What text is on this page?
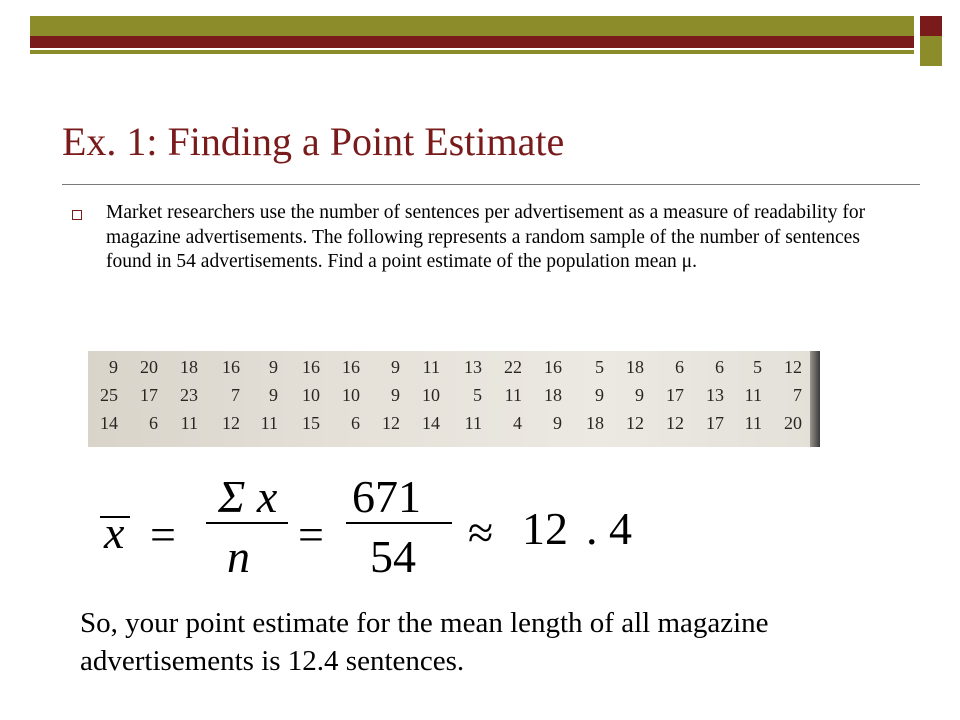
Ex. 1: Finding a Point Estimate
Market researchers use the number of sentences per advertisement as a measure of readability for magazine advertisements. The following represents a random sample of the number of sentences found in 54 advertisements. Find a point estimate of the population mean μ.
9	20	18	16	9	16	16	9	11	13	22	16	5	18	6	6	5	12
25	17	23	7	9	10	10	9	10	5	11	18	9	9	17	13	11	7
14	6	11	12	11	15	6	12	14	11	4	9	18	12	12	17	11	20
x =
Σ x
n =
671
54 ≈ 12 . 4
So, your point estimate for the mean length of all magazine advertisements is 12.4 sentences.
